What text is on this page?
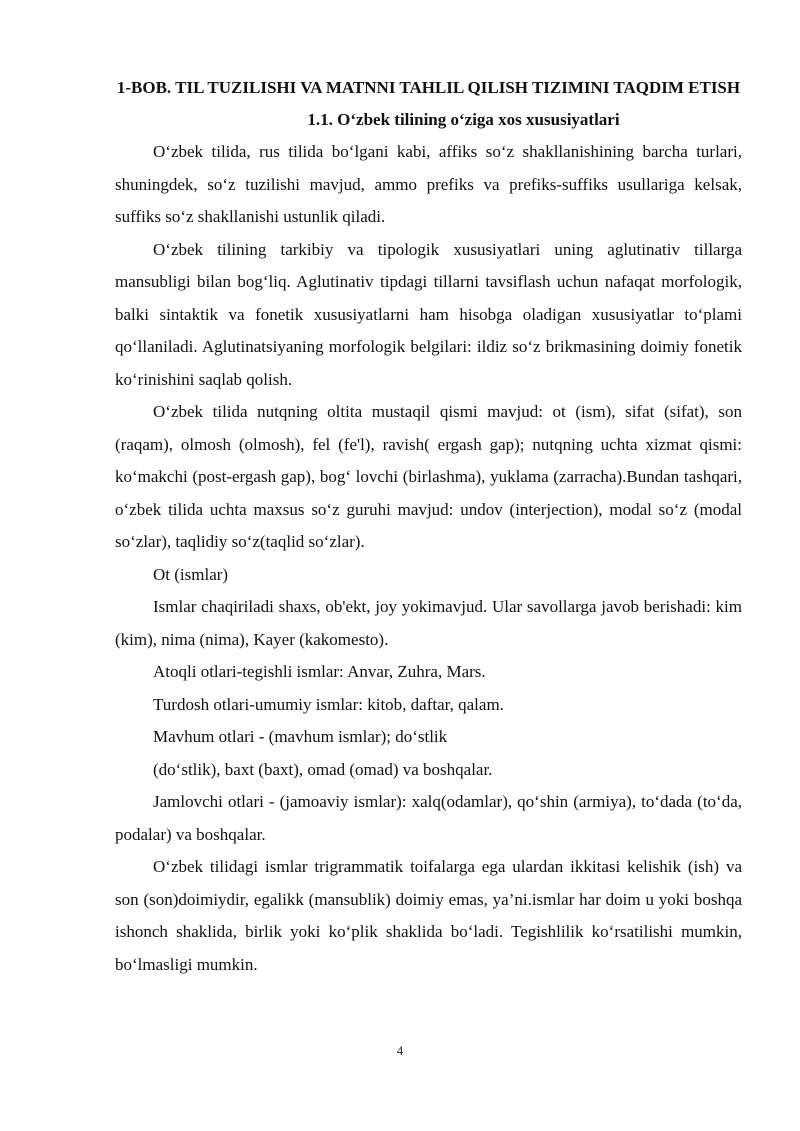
1-BOB. TIL TUZILISHI VA MATNNI TAHLIL QILISH TIZIMINI TAQDIM ETISH
1.1. O‘zbek tilining o‘ziga xos xususiyatlari

O‘zbek tilida, rus tilida bo‘lgani kabi, affiks so‘z shakllanishining barcha turlari, shuningdek, so‘z tuzilishi mavjud, ammo prefiks va prefiks-suffiks usullariga kelsak, suffiks so‘z shakllanishi ustunlik qiladi.

O‘zbek tilining tarkibiy va tipologik xususiyatlari uning aglutinativ tillarga mansubligi bilan bog‘liq. Aglutinativ tipdagi tillarni tavsiflash uchun nafaqat morfologik, balki sintaktik va fonetik xususiyatlarni ham hisobga oladigan xususiyatlar to‘plami qo‘llaniladi. Aglutinatsiyaning morfologik belgilari: ildiz so‘z brikmasining doimiy fonetik ko‘rinishini saqlab qolish.

O‘zbek tilida nutqning oltita mustaqil qismi mavjud: ot (ism), sifat (sifat), son (raqam), olmosh (olmosh), fel (fe'l), ravish( ergash gap); nutqning uchta xizmat qismi: ko‘makchi (post-ergash gap), bog‘ lovchi (birlashma), yuklama (zarracha).Bundan tashqari, o‘zbek tilida uchta maxsus so‘z guruhi mavjud: undov (interjection), modal so‘z (modal so‘zlar), taqlidiy so‘z(taqlid so‘zlar).

Ot (ismlar)

Ismlar chaqiriladi shaxs, ob'ekt, joy yokimavjud. Ular savollarga javob berishadi: kim (kim), nima (nima), Kayer (kakomesto).

Atoqli otlari-tegishli ismlar: Anvar, Zuhra, Mars.

Turdosh otlari-umumiy ismlar: kitob, daftar, qalam.

Mavhum otlari - (mavhum ismlar); do‘stlik

(do‘stlik), baxt (baxt), omad (omad) va boshqalar.

Jamlovchi otlari - (jamoaviy ismlar): xalq(odamlar), qo‘shin (armiya), to‘dada (to‘da, podalar) va boshqalar.

O‘zbek tilidagi ismlar trigrammatik toifalarga ega ulardan ikkitasi kelishik (ish) va son (son)doimiydir, egalikk (mansublik) doimiy emas, ya’ni.ismlar har doim u yoki boshqa ishonch shaklida, birlik yoki ko‘plik shaklida bo‘ladi. Tegishlilik ko‘rsatilishi mumkin, bo‘lmasligi mumkin.

4
